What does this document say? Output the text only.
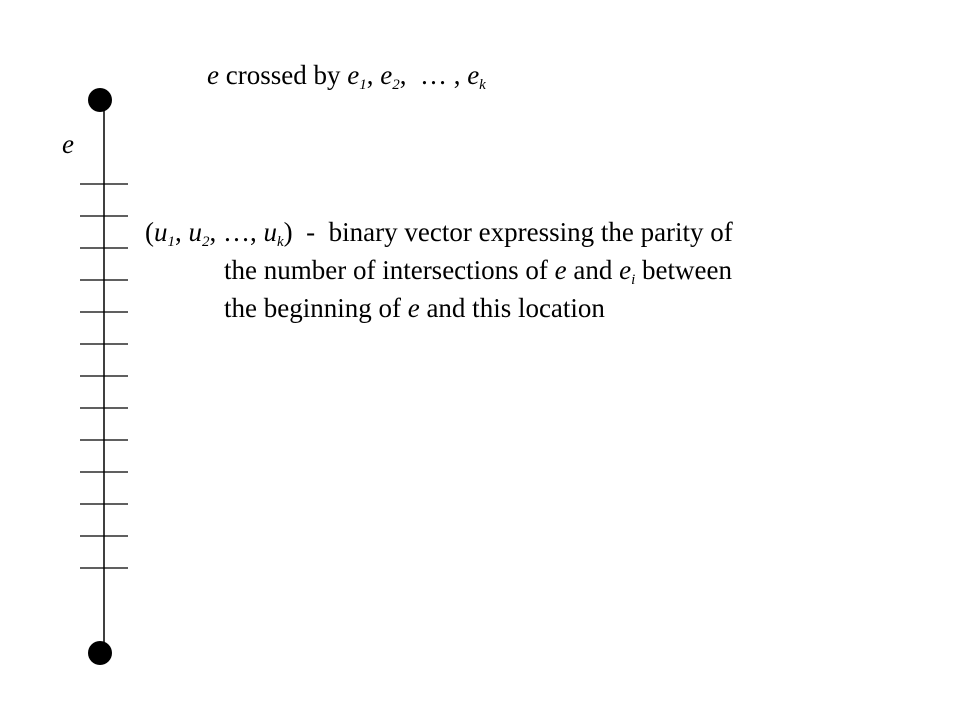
e crossed by $e_1$, $e_2$,  … , $e_k$
e
($u_1$, $u_2$, …, $u_k$)  - binary vector expressing the parity of
the number of intersections of e and $e_i$ between
the beginning of e and this location
